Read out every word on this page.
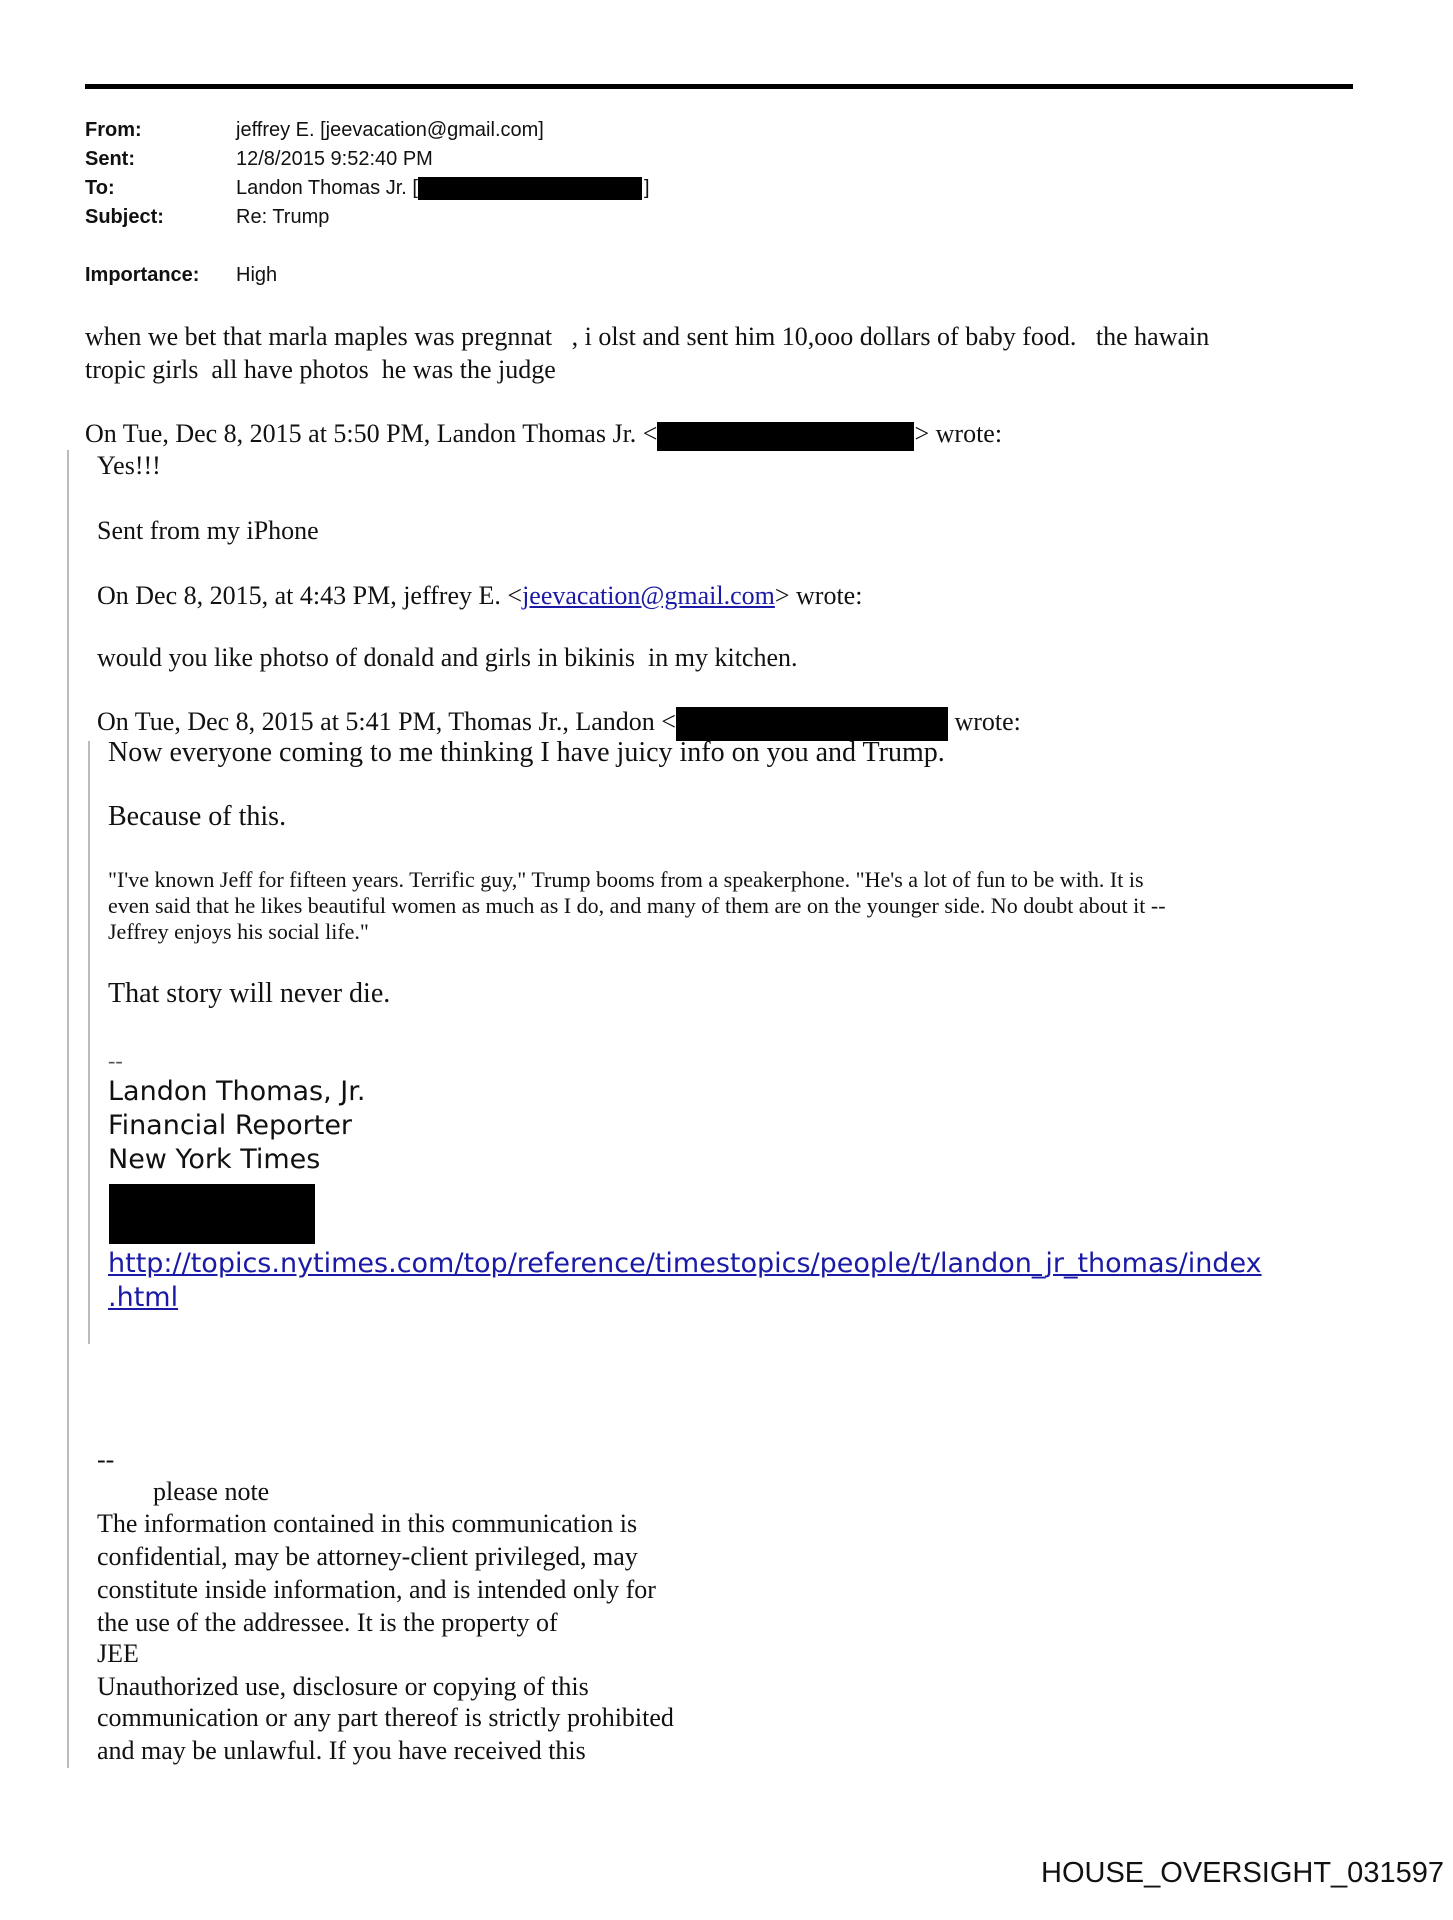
From:	jeffrey E. [jeevacation@gmail.com]
Sent:	12/8/2015 9:52:40 PM
To:	Landon Thomas Jr. [	]
Subject:	Re: Trump
Importance: High
when we bet that marla maples was pregnnat   , i olst and sent him 10,ooo dollars of baby food.   the hawain
tropic girls  all have photos  he was the judge
On Tue, Dec 8, 2015 at 5:50 PM, Landon Thomas Jr. <	> wrote:
Yes!!!
Sent from my iPhone
On Dec 8, 2015, at 4:43 PM, jeffrey E. <jeevacation@gmail.com> wrote:
would you like photso of donald and girls in bikinis  in my kitchen.
On Tue, Dec 8, 2015 at 5:41 PM, Thomas Jr., Landon <	wrote:
Now everyone coming to me thinking I have juicy info on you and Trump.
Because of this.
"I've known Jeff for fifteen years. Terrific guy," Trump booms from a speakerphone. "He's a lot of fun to be with. It is
even said that he likes beautiful women as much as I do, and many of them are on the younger side. No doubt about it --
Jeffrey enjoys his social life."
That story will never die.
--
Landon Thomas, Jr.
Financial Reporter
New York Times
http://topics.nytimes.com/top/reference/timestopics/people/t/landon_jr_thomas/index
.html
--
please note
The information contained in this communication is
confidential, may be attorney-client privileged, may
constitute inside information, and is intended only for
the use of the addressee. It is the property of
JEE
Unauthorized use, disclosure or copying of this
communication or any part thereof is strictly prohibited
and may be unlawful. If you have received this
HOUSE_OVERSIGHT_031597
